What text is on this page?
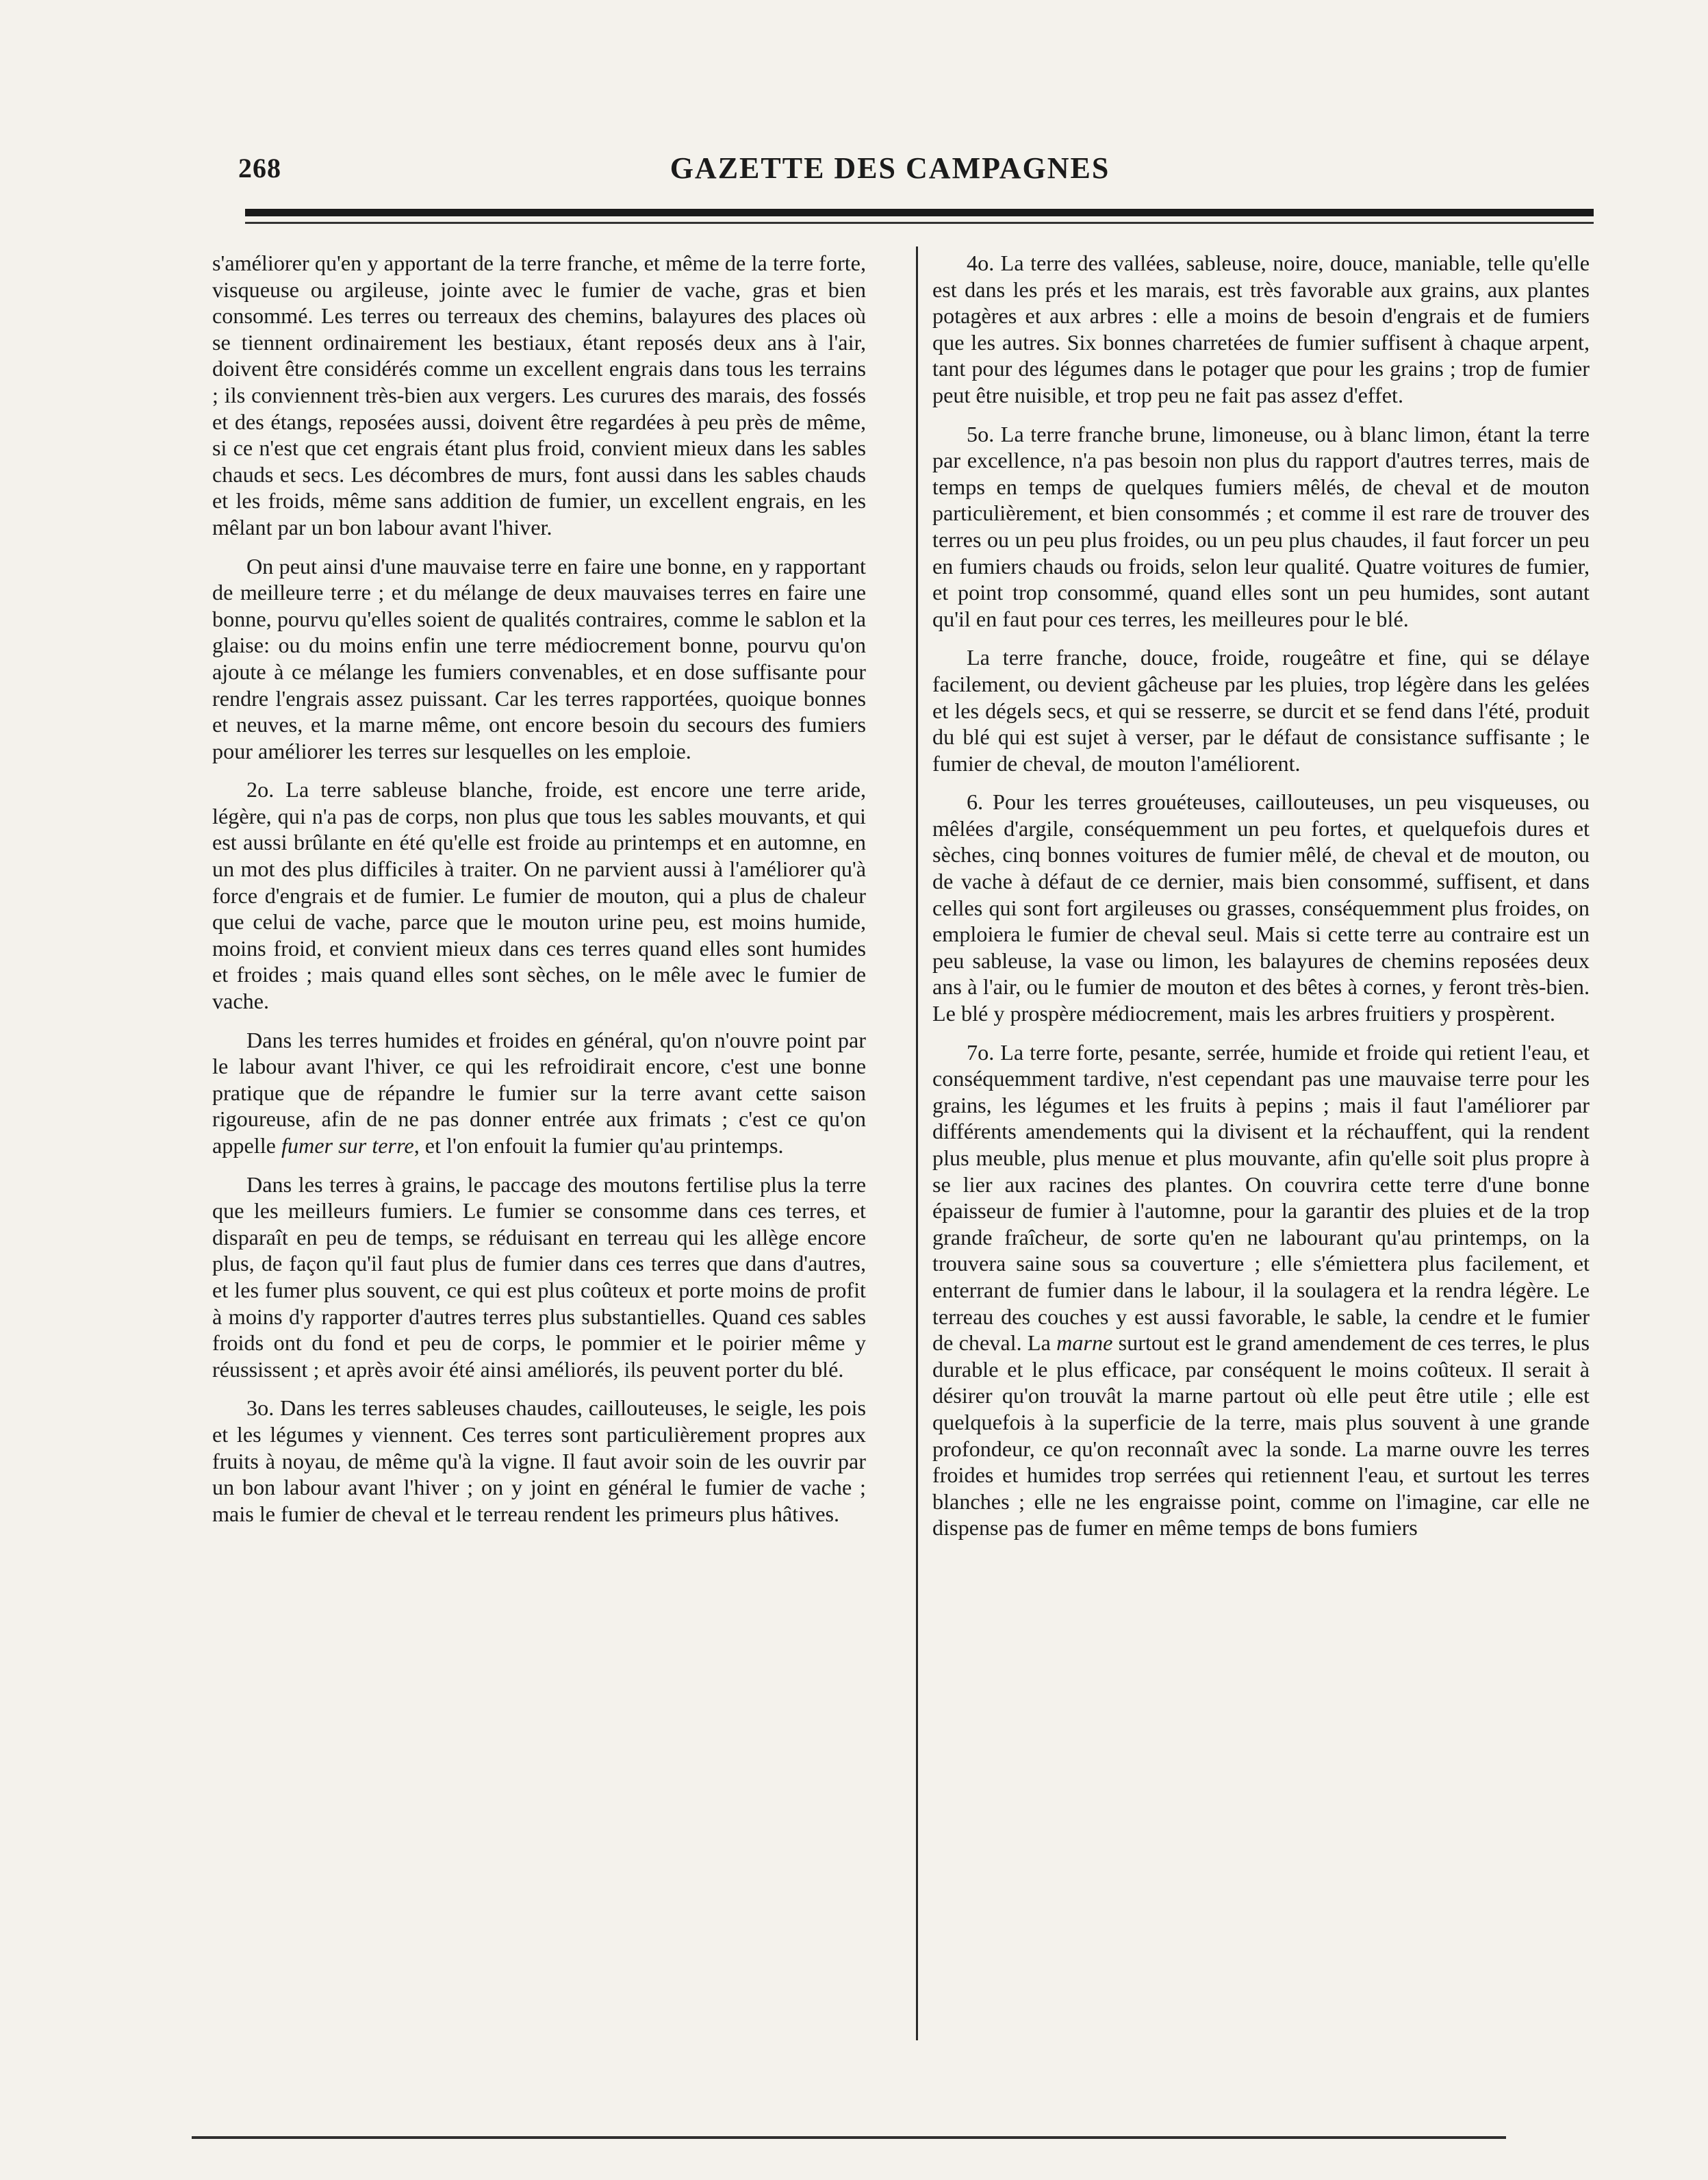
268	GAZETTE DES CAMPAGNES

s'améliorer qu'en y apportant de la terre franche, et même de la terre forte, visqueuse ou argileuse, jointe avec le fumier de vache, gras et bien consommé. Les terres ou terreaux des chemins, balayures des places où se tiennent ordinairement les bestiaux, étant reposés deux ans à l'air, doivent être considérés comme un excellent engrais dans tous les terrains ; ils conviennent très-bien aux vergers. Les curures des marais, des fossés et des étangs, reposées aussi, doivent être regardées à peu près de même, si ce n'est que cet engrais étant plus froid, convient mieux dans les sables chauds et secs. Les décombres de murs, font aussi dans les sables chauds et les froids, même sans addition de fumier, un excellent engrais, en les mêlant par un bon labour avant l'hiver.

On peut ainsi d'une mauvaise terre en faire une bonne, en y rapportant de meilleure terre ; et du mélange de deux mauvaises terres en faire une bonne, pourvu qu'elles soient de qualités contraires, comme le sablon et la glaise: ou du moins enfin une terre médiocrement bonne, pourvu qu'on ajoute à ce mélange les fumiers convenables, et en dose suffisante pour rendre l'engrais assez puissant. Car les terres rapportées, quoique bonnes et neuves, et la marne même, ont encore besoin du secours des fumiers pour améliorer les terres sur lesquelles on les emploie.

2o. La terre sableuse blanche, froide, est encore une terre aride, légère, qui n'a pas de corps, non plus que tous les sables mouvants, et qui est aussi brûlante en été qu'elle est froide au printemps et en automne, en un mot des plus difficiles à traiter. On ne parvient aussi à l'améliorer qu'à force d'engrais et de fumier. Le fumier de mouton, qui a plus de chaleur que celui de vache, parce que le mouton urine peu, est moins humide, moins froid, et convient mieux dans ces terres quand elles sont humides et froides ; mais quand elles sont sèches, on le mêle avec le fumier de vache.

Dans les terres humides et froides en général, qu'on n'ouvre point par le labour avant l'hiver, ce qui les refroidirait encore, c'est une bonne pratique que de répandre le fumier sur la terre avant cette saison rigoureuse, afin de ne pas donner entrée aux frimats ; c'est ce qu'on appelle fumer sur terre, et l'on enfouit la fumier qu'au printemps.

Dans les terres à grains, le paccage des moutons fertilise plus la terre que les meilleurs fumiers. Le fumier se consomme dans ces terres, et disparaît en peu de temps, se réduisant en terreau qui les allège encore plus, de façon qu'il faut plus de fumier dans ces terres que dans d'autres, et les fumer plus souvent, ce qui est plus coûteux et porte moins de profit à moins d'y rapporter d'autres terres plus substantielles. Quand ces sables froids ont du fond et peu de corps, le pommier et le poirier même y réussissent ; et après avoir été ainsi améliorés, ils peuvent porter du blé.

3o. Dans les terres sableuses chaudes, caillouteuses, le seigle, les pois et les légumes y viennent. Ces terres sont particulièrement propres aux fruits à noyau, de même qu'à la vigne. Il faut avoir soin de les ouvrir par un bon labour avant l'hiver ; on y joint en général le fumier de vache ; mais le fumier de cheval et le terreau rendent les primeurs plus hâtives.

4o. La terre des vallées, sableuse, noire, douce, maniable, telle qu'elle est dans les prés et les marais, est très favorable aux grains, aux plantes potagères et aux arbres : elle a moins de besoin d'engrais et de fumiers que les autres. Six bonnes charretées de fumier suffisent à chaque arpent, tant pour des légumes dans le potager que pour les grains ; trop de fumier peut être nuisible, et trop peu ne fait pas assez d'effet.

5o. La terre franche brune, limoneuse, ou à blanc limon, étant la terre par excellence, n'a pas besoin non plus du rapport d'autres terres, mais de temps en temps de quelques fumiers mêlés, de cheval et de mouton particulièrement, et bien consommés ; et comme il est rare de trouver des terres ou un peu plus froides, ou un peu plus chaudes, il faut forcer un peu en fumiers chauds ou froids, selon leur qualité. Quatre voitures de fumier, et point trop consommé, quand elles sont un peu humides, sont autant qu'il en faut pour ces terres, les meilleures pour le blé.

La terre franche, douce, froide, rougeâtre et fine, qui se délaye facilement, ou devient gâcheuse par les pluies, trop légère dans les gelées et les dégels secs, et qui se resserre, se durcit et se fend dans l'été, produit du blé qui est sujet à verser, par le défaut de consistance suffisante ; le fumier de cheval, de mouton l'améliorent.

6. Pour les terres grouéteuses, caillouteuses, un peu visqueuses, ou mêlées d'argile, conséquemment un peu fortes, et quelquefois dures et sèches, cinq bonnes voitures de fumier mêlé, de cheval et de mouton, ou de vache à défaut de ce dernier, mais bien consommé, suffisent, et dans celles qui sont fort argileuses ou grasses, conséquemment plus froides, on emploiera le fumier de cheval seul. Mais si cette terre au contraire est un peu sableuse, la vase ou limon, les balayures de chemins reposées deux ans à l'air, ou le fumier de mouton et des bêtes à cornes, y feront très-bien. Le blé y prospère médiocrement, mais les arbres fruitiers y prospèrent.

7o. La terre forte, pesante, serrée, humide et froide qui retient l'eau, et conséquemment tardive, n'est cependant pas une mauvaise terre pour les grains, les légumes et les fruits à pepins ; mais il faut l'améliorer par différents amendements qui la divisent et la réchauffent, qui la rendent plus meuble, plus menue et plus mouvante, afin qu'elle soit plus propre à se lier aux racines des plantes. On couvrira cette terre d'une bonne épaisseur de fumier à l'automne, pour la garantir des pluies et de la trop grande fraîcheur, de sorte qu'en ne labourant qu'au printemps, on la trouvera saine sous sa couverture ; elle s'émiettera plus facilement, et enterrant de fumier dans le labour, il la soulagera et la rendra légère. Le terreau des couches y est aussi favorable, le sable, la cendre et le fumier de cheval. La marne surtout est le grand amendement de ces terres, le plus durable et le plus efficace, par conséquent le moins coûteux. Il serait à désirer qu'on trouvât la marne partout où elle peut être utile ; elle est quelquefois à la superficie de la terre, mais plus souvent à une grande profondeur, ce qu'on reconnaît avec la sonde. La marne ouvre les terres froides et humides trop serrées qui retiennent l'eau, et surtout les terres blanches ; elle ne les engraisse point, comme on l'imagine, car elle ne dispense pas de fumer en même temps de bons fumiers
